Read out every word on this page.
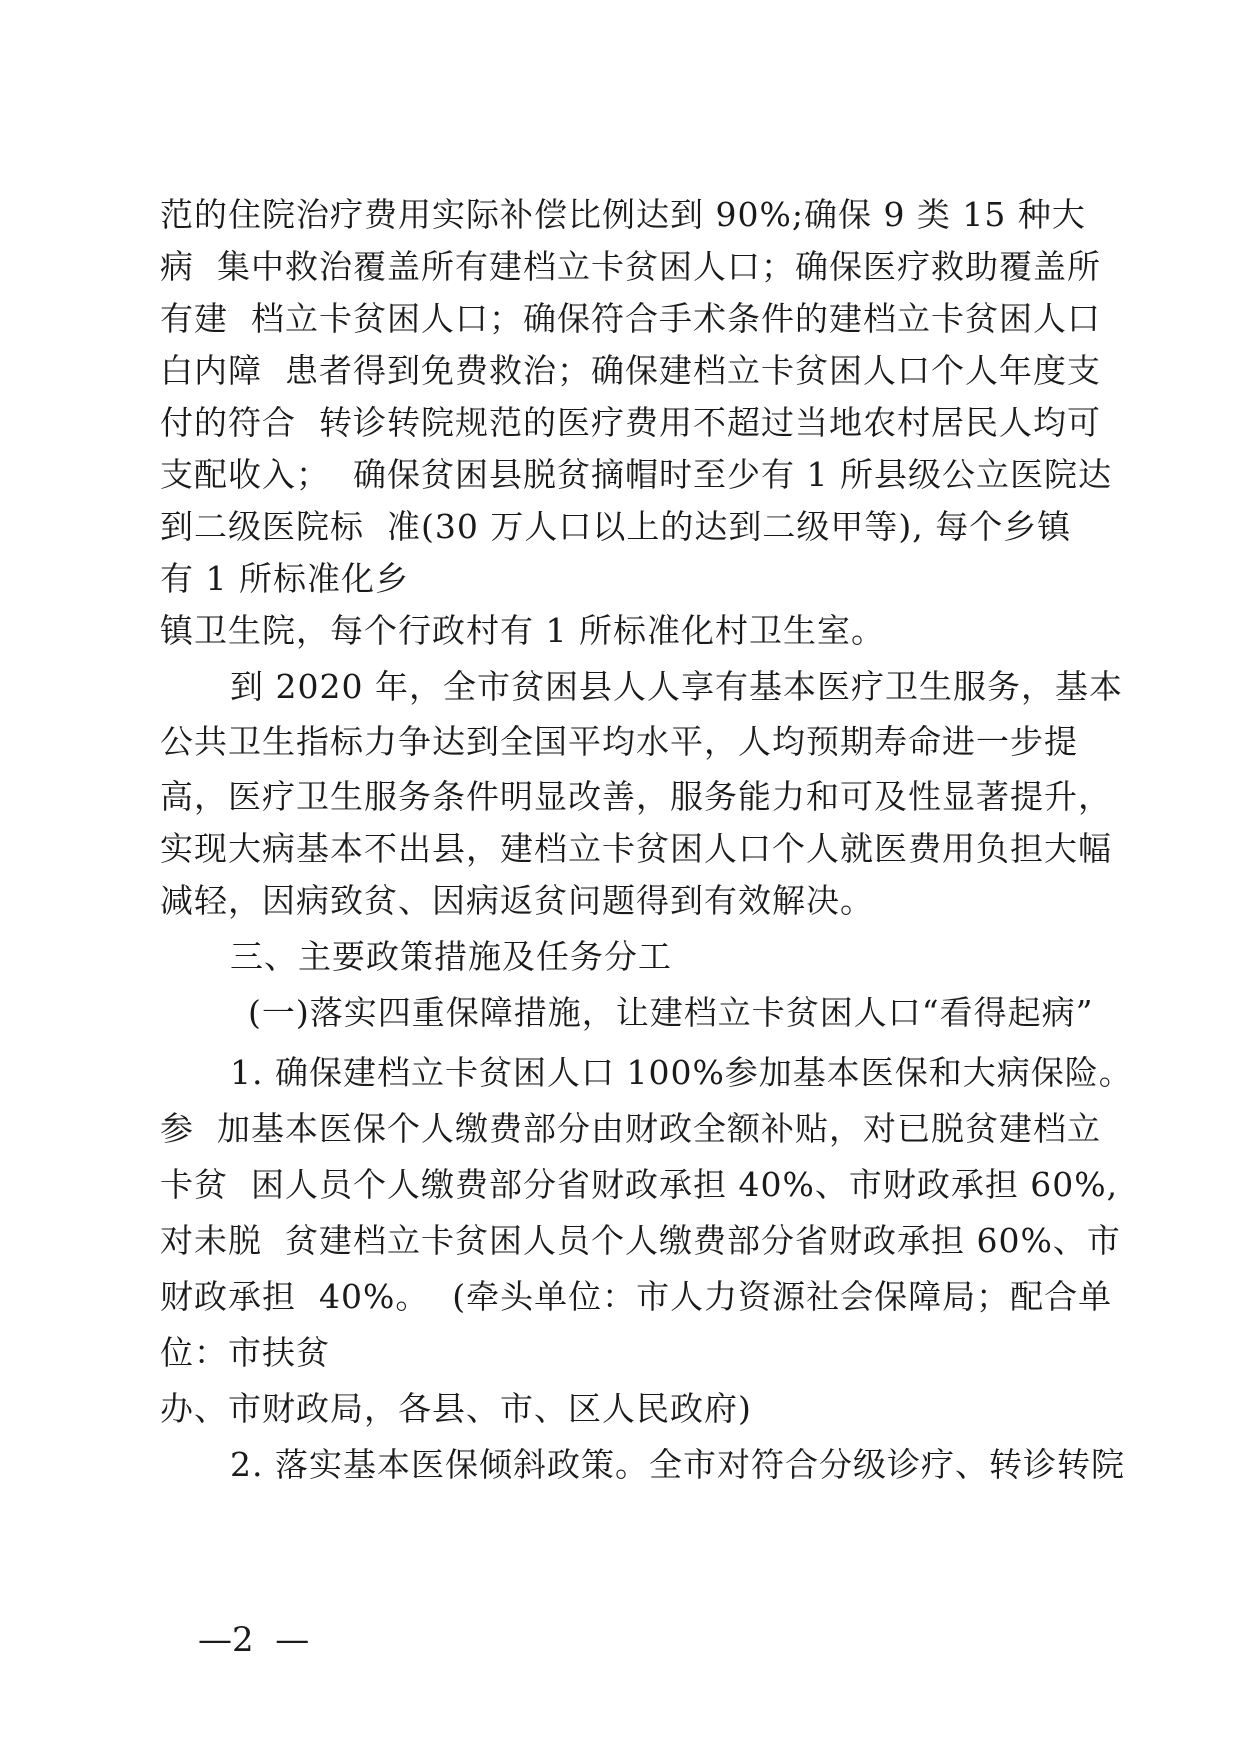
范的住院治疗费用实际补偿比例达到 90%;确保 9 类 15 种大
病  集中救治覆盖所有建档立卡贫困人口；确保医疗救助覆盖所
有建  档立卡贫困人口；确保符合手术条件的建档立卡贫困人口
白内障  患者得到免费救治；确保建档立卡贫困人口个人年度支
付的符合  转诊转院规范的医疗费用不超过当地农村居民人均可
支配收入；  确保贫困县脱贫摘帽时至少有 1 所县级公立医院达
到二级医院标  准(30 万人口以上的达到二级甲等), 每个乡镇
有 1 所标准化乡
镇卫生院，每个行政村有 1 所标准化村卫生室。
到 2020 年，全市贫困县人人享有基本医疗卫生服务，基本
公共卫生指标力争达到全国平均水平，人均预期寿命进一步提
高，医疗卫生服务条件明显改善，服务能力和可及性显著提升，
实现大病基本不出县，建档立卡贫困人口个人就医费用负担大幅
减轻，因病致贫、因病返贫问题得到有效解决。
三、主要政策措施及任务分工
(一)落实四重保障措施，让建档立卡贫困人口“看得起病”
1. 确保建档立卡贫困人口 100%参加基本医保和大病保险。
参  加基本医保个人缴费部分由财政全额补贴，对已脱贫建档立
卡贫  困人员个人缴费部分省财政承担 40%、市财政承担 60%,
对未脱  贫建档立卡贫困人员个人缴费部分省财政承担 60%、市
财政承担  40%。  (牵头单位：市人力资源社会保障局；配合单
位：市扶贫
办、市财政局，各县、市、区人民政府)
2. 落实基本医保倾斜政策。全市对符合分级诊疗、转诊转院
—2  —
